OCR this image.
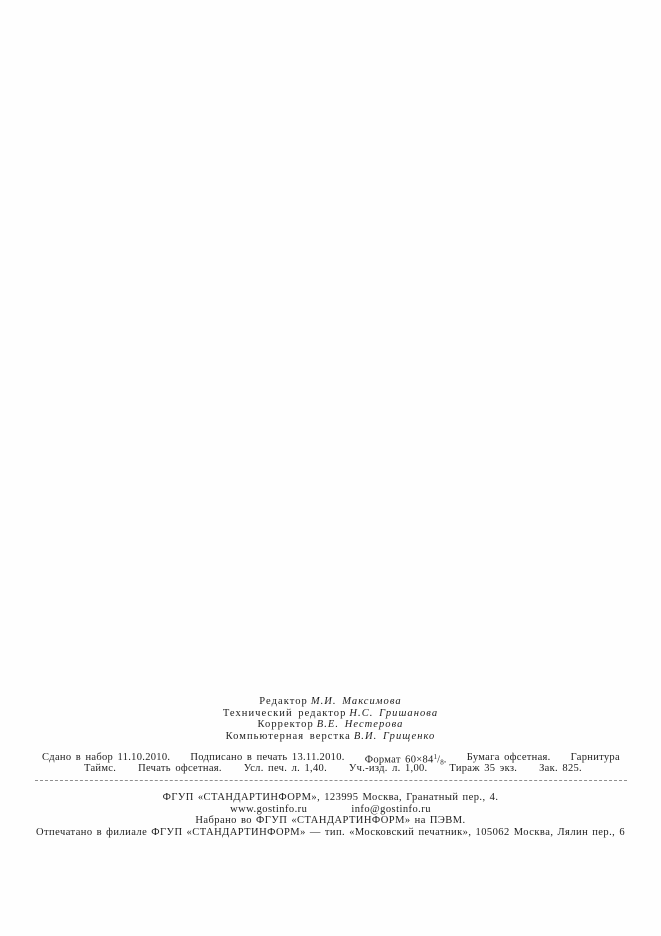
Редактор М.И. Максимова
Технический редактор Н.С. Гришанова
Корректор В.Е. Нестерова
Компьютерная верстка В.И. Грищенко
Сдано в набор 11.10.2010. Подписано в печать 13.11.2010. Формат $60\times 84^1/8$. Бумага офсетная. Гарнитура
Таймс. Печать офсетная. Усл. печ. л. 1,40. Уч.-изд. л. 1,00. Тираж 35 экз. Зак. 825.
ФГУП «СТАНДАРТИНФОРМ», 123995 Москва, Гранатный пер., 4.
www.gostinfo.ru	info@gostinfo.ru
Набрано во ФГУП «СТАНДАРТИНФОРМ» на ПЭВМ.
Отпечатано в филиале ФГУП «СТАНДАРТИНФОРМ» — тип. «Московский печатник», 105062 Москва, Лялин пер., 6
